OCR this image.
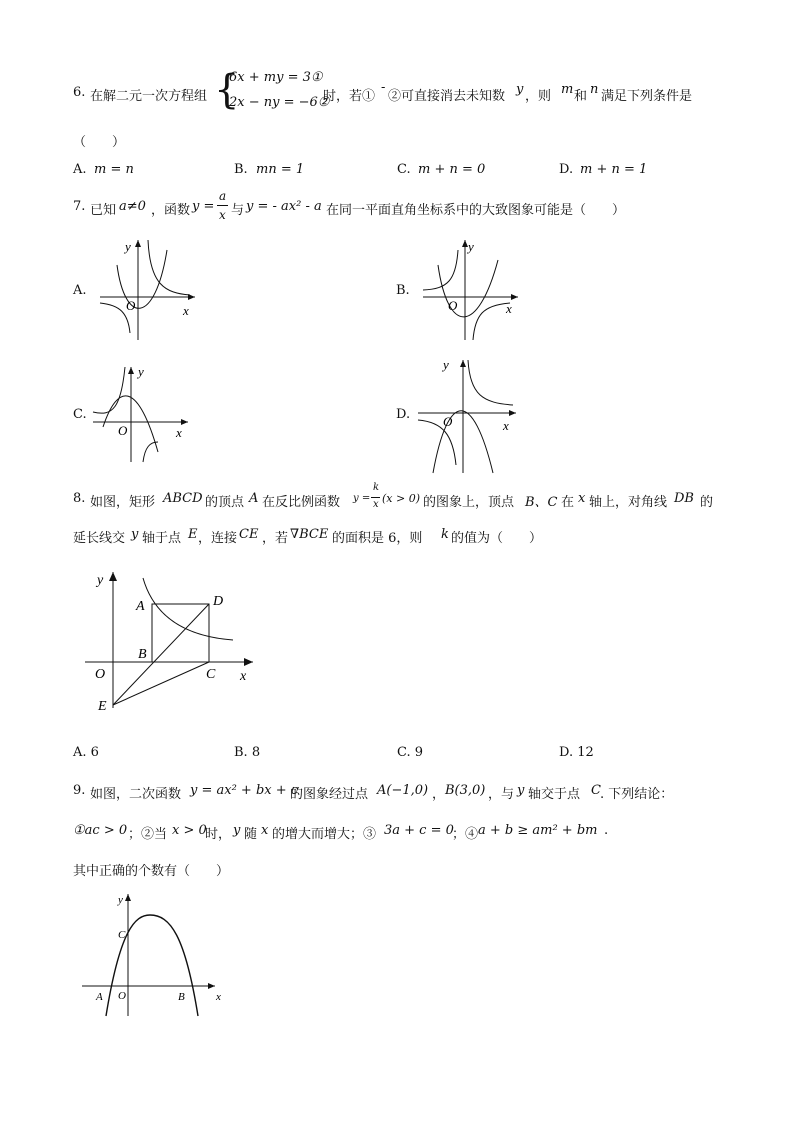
6. 在解二元一次方程组 {
6x + my = 3①
2x − ny = −6②
时，若①
-
②可直接消去未知数 y ，则 m 和 n 满足下列条件是
（　　）
A. m = n	B. mn = 1	C. m + n = 0	D. m + n = 1
7. 已知 a≠0 ，函数 y =
a
x 与 y = - ax² - a 在同一平面直角坐标系中的大致图象可能是（　　）
A.
y
x
O
B.
y
x
O
C.
y
x
O
D.
y
x
O
8. 如图，矩形 ABCD 的顶点 A 在反比例函数 y =
k
x (x > 0) 的图象上，顶点 B、C 在 x 轴上，对角线 DB 的
延长线交 y 轴于点 E ，连接 CE ，若 ∇BCE 的面积是 6，则 k 的值为（　　）
y
x
A
B
C
D
O
E
A. 6	B. 8	C. 9	D. 12
9. 如图，二次函数 y = ax² + bx + c
的图象经过点 A(−1,0) ， B(3,0) ，与 y 轴交于点 C . 下列结论：
①ac > 0 ；②当 x > 0
时， y 随 x 的增大而增大；③ 3a + c = 0
；④ a + b ≥ am² + bm .
其中正确的个数有（　　）
y
x
C
A O	B
